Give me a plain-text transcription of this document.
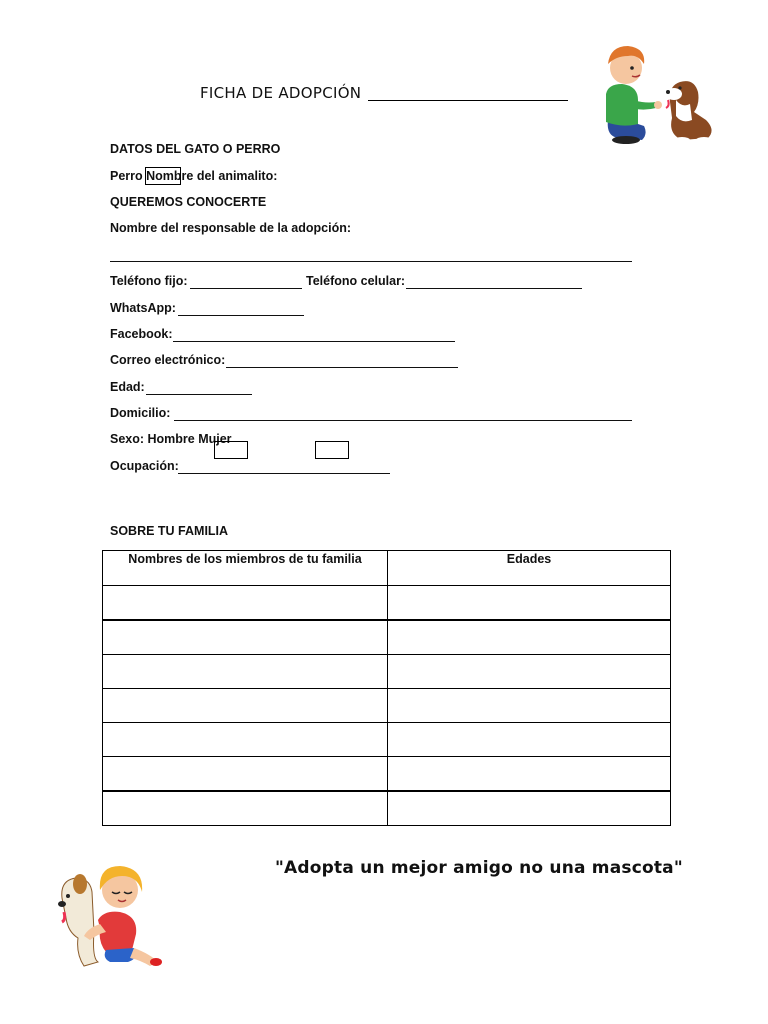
FICHA DE ADOPCIÓN
DATOS DEL GATO O PERRO
Perro Nombre del animalito:
QUEREMOS CONOCERTE
Nombre del responsable de la adopción:
Teléfono fijo:	Teléfono celular:
WhatsApp:
Facebook:
Correo electrónico:
Edad:
Domicilio:
Sexo: Hombre Mujer
Ocupación:
SOBRE TU FAMILIA
Nombres de los miembros de tu familia	Edades

"Adopta un mejor amigo no una mascota"
